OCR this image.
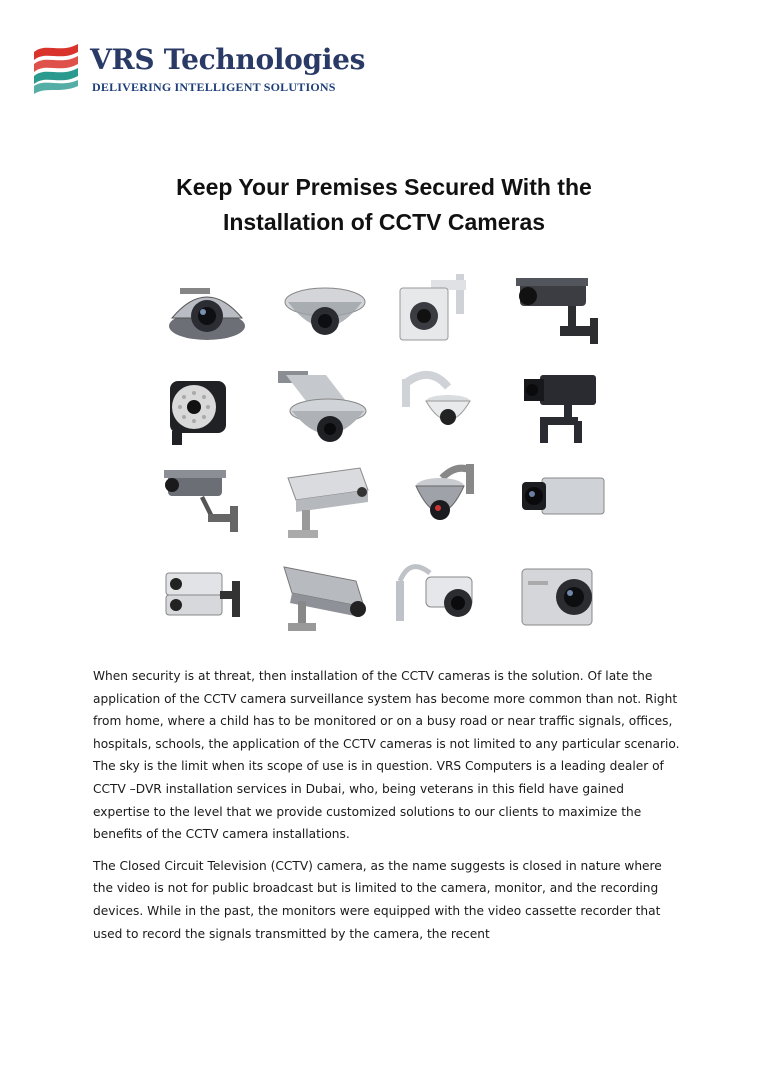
VRS Technologies
DELIVERING INTELLIGENT SOLUTIONS
Keep Your Premises Secured With the
Installation of CCTV Cameras

When security is at threat, then installation of the CCTV cameras is the solution. Of late the application of the CCTV camera surveillance system has become more common than not. Right from home, where a child has to be monitored or on a busy road or near traffic signals, offices, hospitals, schools, the application of the CCTV cameras is not limited to any particular scenario. The sky is the limit when its scope of use is in question. VRS Computers is a leading dealer of CCTV –DVR installation services in Dubai, who, being veterans in this field have gained expertise to the level that we provide customized solutions to our clients to maximize the benefits of the CCTV camera installations.

The Closed Circuit Television (CCTV) camera, as the name suggests is closed in nature where the video is not for public broadcast but is limited to the camera, monitor, and the recording devices. While in the past, the monitors were equipped with the video cassette recorder that used to record the signals transmitted by the camera, the recent
